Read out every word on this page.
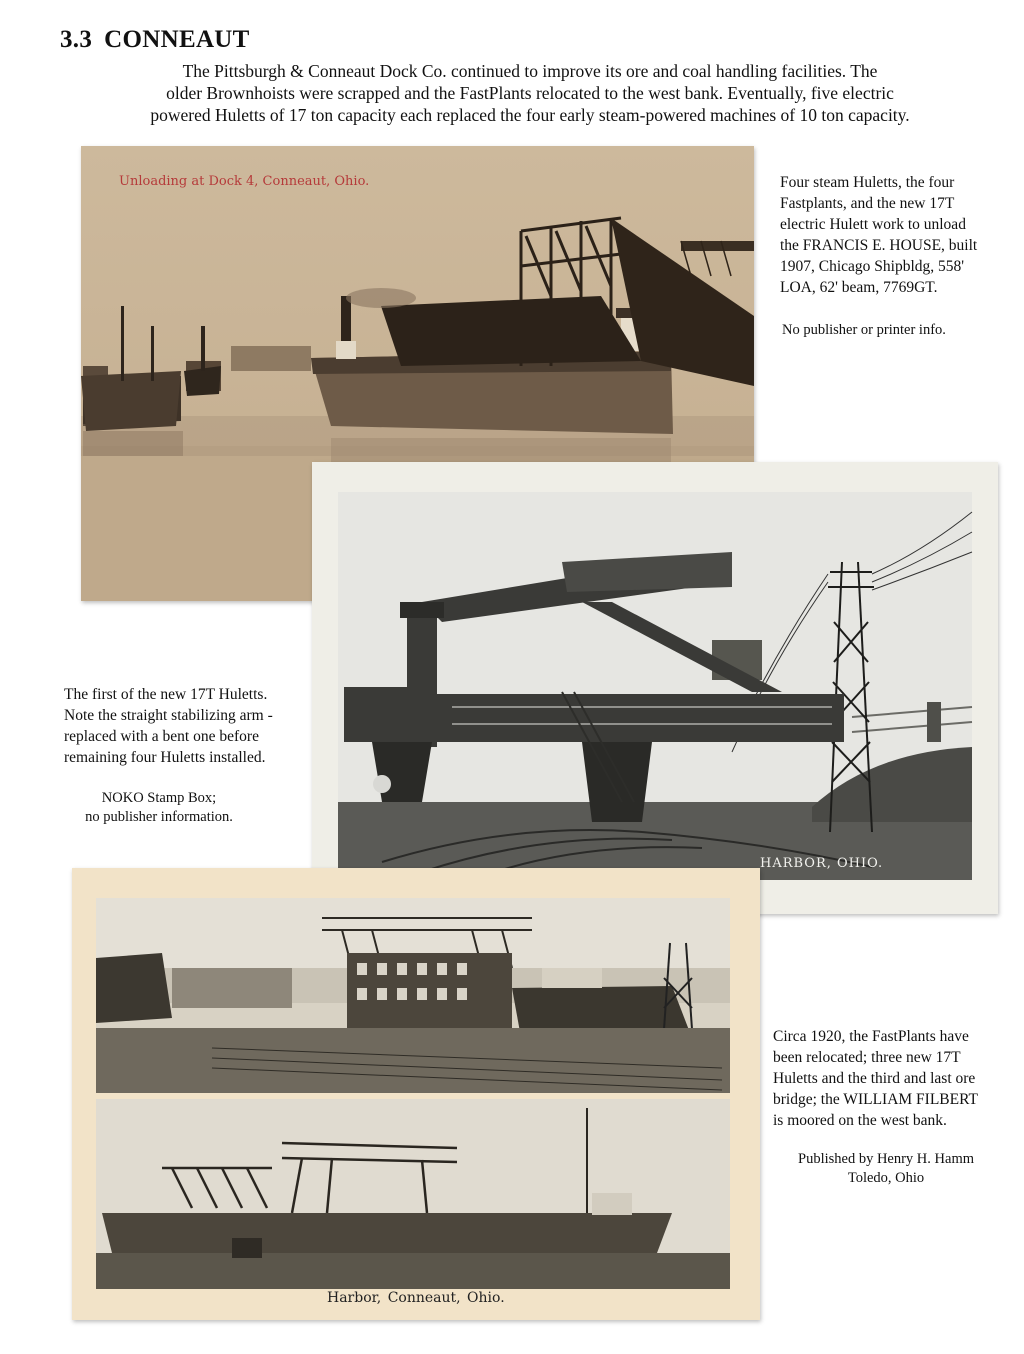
3.3 CONNEAUT
The Pittsburgh & Conneaut Dock Co. continued to improve its ore and coal handling facilities. The
older Brownhoists were scrapped and the FastPlants relocated to the west bank. Eventually, five electric
powered Huletts of 17 ton capacity each replaced the four early steam-powered machines of 10 ton capacity.
Unloading at Dock 4, Conneaut, Ohio.	Four steam Huletts, the four
Fastplants, and the new 17T
electric Hulett work to unload
the FRANCIS E. HOUSE, built
1907, Chicago Shipbldg, 558'
LOA, 62' beam, 7769GT.
No publisher or printer info.
HARBOR, OHIO.
The first of the new 17T Huletts.
Note the straight stabilizing arm -
replaced with a bent one before
remaining four Huletts installed.
NOKO Stamp Box;
no publisher information.
Harbor, Conneaut, Ohio.
Circa 1920, the FastPlants have
been relocated; three new 17T
Huletts and the third and last ore
bridge; the WILLIAM FILBERT
is moored on the west bank.
Published by Henry H. Hamm
Toledo, Ohio
